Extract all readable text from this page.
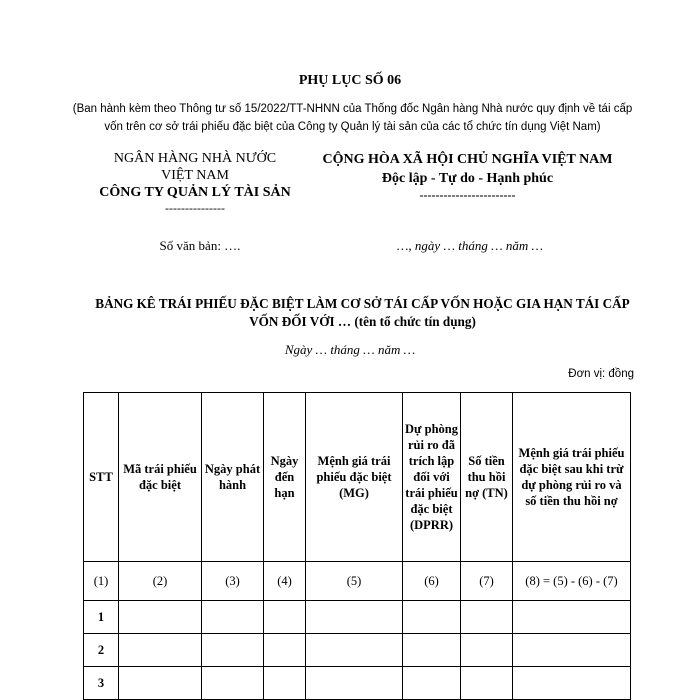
PHỤ LỤC SỐ 06
(Ban hành kèm theo Thông tư số 15/2022/TT-NHNN của Thống đốc Ngân hàng Nhà nước quy định về tái cấp vốn trên cơ sở trái phiếu đặc biệt của Công ty Quản lý tài sản của các tổ chức tín dụng Việt Nam)
NGÂN HÀNG NHÀ NƯỚC
VIỆT NAM
CÔNG TY QUẢN LÝ TÀI SẢN
---------------
CỘNG HÒA XÃ HỘI CHỦ NGHĨA VIỆT NAM
Độc lập - Tự do - Hạnh phúc
------------------------
Số văn bản: ….	…, ngày … tháng … năm …
BẢNG KÊ TRÁI PHIẾU ĐẶC BIỆT LÀM CƠ SỞ TÁI CẤP VỐN HOẶC GIA HẠN TÁI CẤP VỐN ĐỐI VỚI … (tên tổ chức tín dụng)
Ngày … tháng … năm …
Đơn vị: đồng
STT	Mã trái phiếu đặc biệt	Ngày phát hành	Ngày đến hạn	Mệnh giá trái phiếu đặc biệt (MG)	Dự phòng rủi ro đã trích lập đối với trái phiếu đặc biệt (DPRR)	Số tiền thu hồi nợ (TN)	Mệnh giá trái phiếu đặc biệt sau khi trừ dự phòng rủi ro và số tiền thu hồi nợ
(1)	(2)	(3)	(4)	(5)	(6)	(7)	(8) = (5) - (6) - (7)
1							
2							
3							
